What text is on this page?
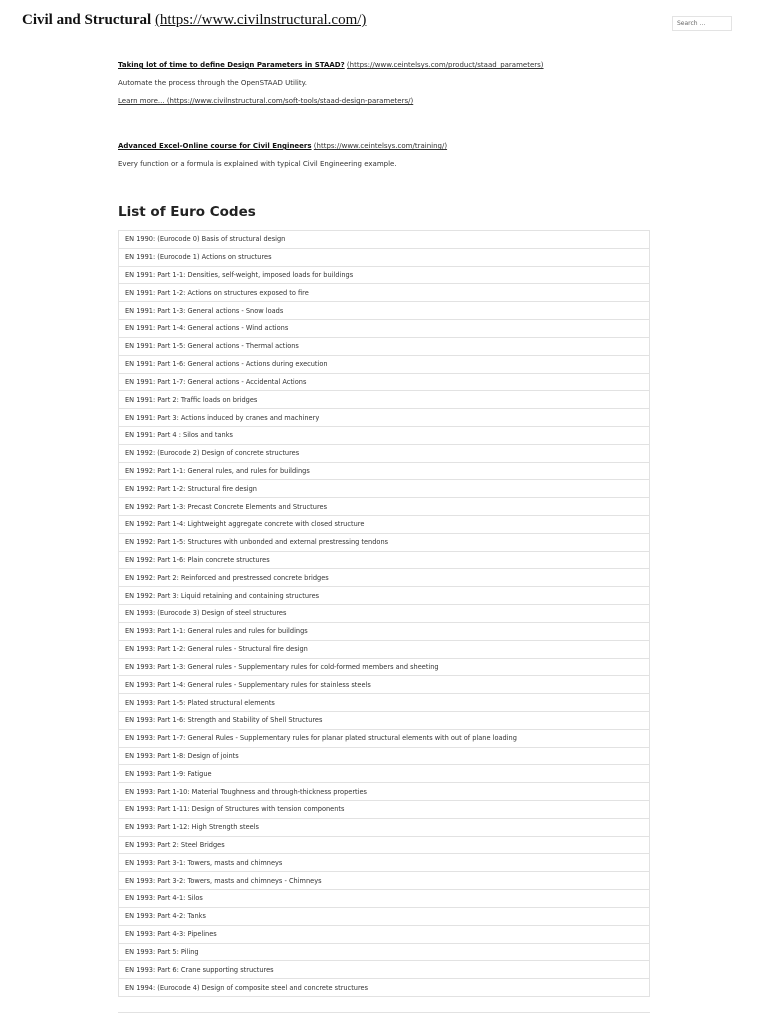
Civil and Structural (https://www.civilnstructural.com/)	Search ...

Taking lot of time to define Design Parameters in STAAD? (https://www.ceintelsys.com/product/staad_parameters)

Automate the process through the OpenSTAAD Utility.

Learn more... (https://www.civilnstructural.com/soft-tools/staad-design-parameters/)

Advanced Excel-Online course for Civil Engineers (https://www.ceintelsys.com/training/)

Every function or a formula is explained with typical Civil Engineering example.

List of Euro Codes
EN 1990: (Eurocode 0) Basis of structural design
EN 1991: (Eurocode 1) Actions on structures
EN 1991: Part 1-1: Densities, self-weight, imposed loads for buildings
EN 1991: Part 1-2: Actions on structures exposed to fire
EN 1991: Part 1-3: General actions - Snow loads
EN 1991: Part 1-4: General actions - Wind actions
EN 1991: Part 1-5: General actions - Thermal actions
EN 1991: Part 1-6: General actions - Actions during execution
EN 1991: Part 1-7: General actions - Accidental Actions
EN 1991: Part 2: Traffic loads on bridges
EN 1991: Part 3: Actions induced by cranes and machinery
EN 1991: Part 4 : Silos and tanks
EN 1992: (Eurocode 2) Design of concrete structures
EN 1992: Part 1-1: General rules, and rules for buildings
EN 1992: Part 1-2: Structural fire design
EN 1992: Part 1-3: Precast Concrete Elements and Structures
EN 1992: Part 1-4: Lightweight aggregate concrete with closed structure
EN 1992: Part 1-5: Structures with unbonded and external prestressing tendons
EN 1992: Part 1-6: Plain concrete structures
EN 1992: Part 2: Reinforced and prestressed concrete bridges
EN 1992: Part 3: Liquid retaining and containing structures
EN 1993: (Eurocode 3) Design of steel structures
EN 1993: Part 1-1: General rules and rules for buildings
EN 1993: Part 1-2: General rules - Structural fire design
EN 1993: Part 1-3: General rules - Supplementary rules for cold-formed members and sheeting
EN 1993: Part 1-4: General rules - Supplementary rules for stainless steels
EN 1993: Part 1-5: Plated structural elements
EN 1993: Part 1-6: Strength and Stability of Shell Structures
EN 1993: Part 1-7: General Rules - Supplementary rules for planar plated structural elements with out of plane loading
EN 1993: Part 1-8: Design of joints
EN 1993: Part 1-9: Fatigue
EN 1993: Part 1-10: Material Toughness and through-thickness properties
EN 1993: Part 1-11: Design of Structures with tension components
EN 1993: Part 1-12: High Strength steels
EN 1993: Part 2: Steel Bridges
EN 1993: Part 3-1: Towers, masts and chimneys
EN 1993: Part 3-2: Towers, masts and chimneys - Chimneys
EN 1993: Part 4-1: Silos
EN 1993: Part 4-2: Tanks
EN 1993: Part 4-3: Pipelines
EN 1993: Part 5: Piling
EN 1993: Part 6: Crane supporting structures
EN 1994: (Eurocode 4) Design of composite steel and concrete structures
